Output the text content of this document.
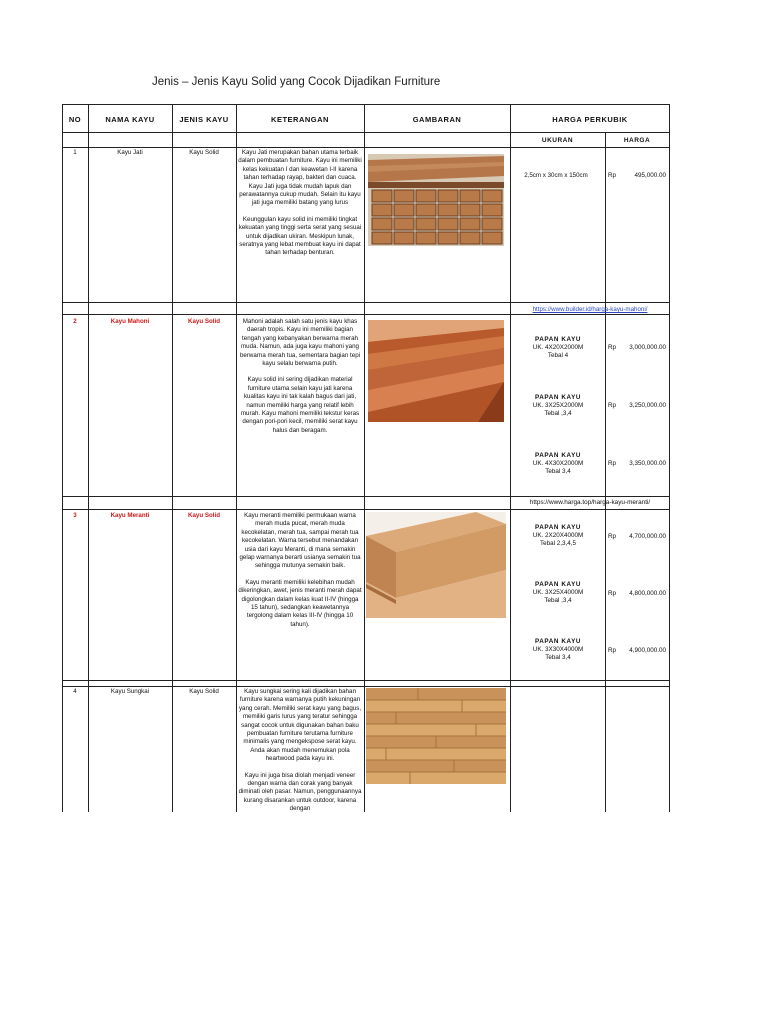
Jenis – Jenis Kayu Solid yang Cocok Dijadikan Furniture
NO	NAMA KAYU	JENIS KAYU	KETERANGAN	GAMBARAN	HARGA PERKUBIK
UKURAN	HARGA
1	Kayu Jati	Kayu Solid	Kayu Jati merupakan bahan utama terbaik dalam pembuatan furniture. Kayu ini memiliki kelas kekuatan I dan keawetan I-II karena tahan terhadap rayap, bakteri dan cuaca. Kayu Jati juga tidak mudah lapuk dan perawatannya cukup mudah. Selain itu kayu jati juga memiliki batang yang lurus

Keunggulan kayu solid ini memiliki tingkat kekuatan yang tinggi serta serat yang sesuai untuk dijadikan ukiran. Meskipun lunak, seratnya yang lebat membuat kayu ini dapat tahan terhadap benturan.

2,5cm x 30cm x 150cm	Rp	495,000.00
https://www.builder.id/harga-kayu-mahoni/
2	Kayu Mahoni	Kayu Solid	Mahoni adalah salah satu jenis kayu khas daerah tropis. Kayu ini memiliki bagian tengah yang kebanyakan berwarna merah muda. Namun, ada juga kayu mahoni yang berwarna merah tua, sementara bagian tepi kayu selalu berwarna putih.

Kayu solid ini sering dijadikan material furniture utama selain kayu jati karena kualitas kayu ini tak kalah bagus dari jati, namun memiliki harga yang relatif lebih murah. Kayu mahoni memiliki tekstur keras dengan pori-pori kecil, memiliki serat kayu halus dan beragam.

PAPAN KAYU
UK. 4X20X2000M
Tebal 4
Rp	3,000,000.00
PAPAN KAYU
UK. 3X25X2000M
Tebal ,3,4
Rp	3,250,000.00
PAPAN KAYU
UK. 4X30X2000M
Tebal 3,4
Rp	3,350,000.00
https://www.harga.top/harga-kayu-meranti/
3	Kayu Meranti	Kayu Solid	Kayu meranti memiliki permukaan warna merah muda pucat, merah muda kecokelatan, merah tua, sampai merah tua kecokelatan. Warna tersebut menandakan usia dari kayu Meranti, di mana semakin gelap warnanya berarti usianya semakin tua sehingga mutunya semakin baik.

Kayu meranti memiliki kelebihan mudah dikeringkan, awet, jenis meranti merah dapat digolongkan dalam kelas kuat II-IV (hingga 15 tahun), sedangkan keawetannya tergolong dalam kelas III-IV (hingga 10 tahun).

PAPAN KAYU
UK. 2X20X4000M
Tebal 2,3,4,5
Rp	4,700,000.00
PAPAN KAYU
UK. 3X25X4000M
Tebal ,3,4
Rp	4,800,000.00
PAPAN KAYU
UK. 3X30X4000M
Tebal 3,4
Rp	4,900,000.00
4	Kayu Sungkai	Kayu Solid	Kayu sungkai sering kali dijadikan bahan furniture karena warnanya putih kekuningan yang cerah. Memiliki serat kayu yang bagus, memiliki garis lurus yang teratur sehingga sangat cocok untuk digunakan bahan baku pembuatan furniture terutama furniture minimalis yang mengekspose serat kayu. Anda akan mudah menemukan pola heartwood pada kayu ini.

Kayu ini juga bisa diolah menjadi veneer dengan warna dan corak yang banyak diminati oleh pasar. Namun, penggunaannya kurang disarankan untuk outdoor, karena dengan
